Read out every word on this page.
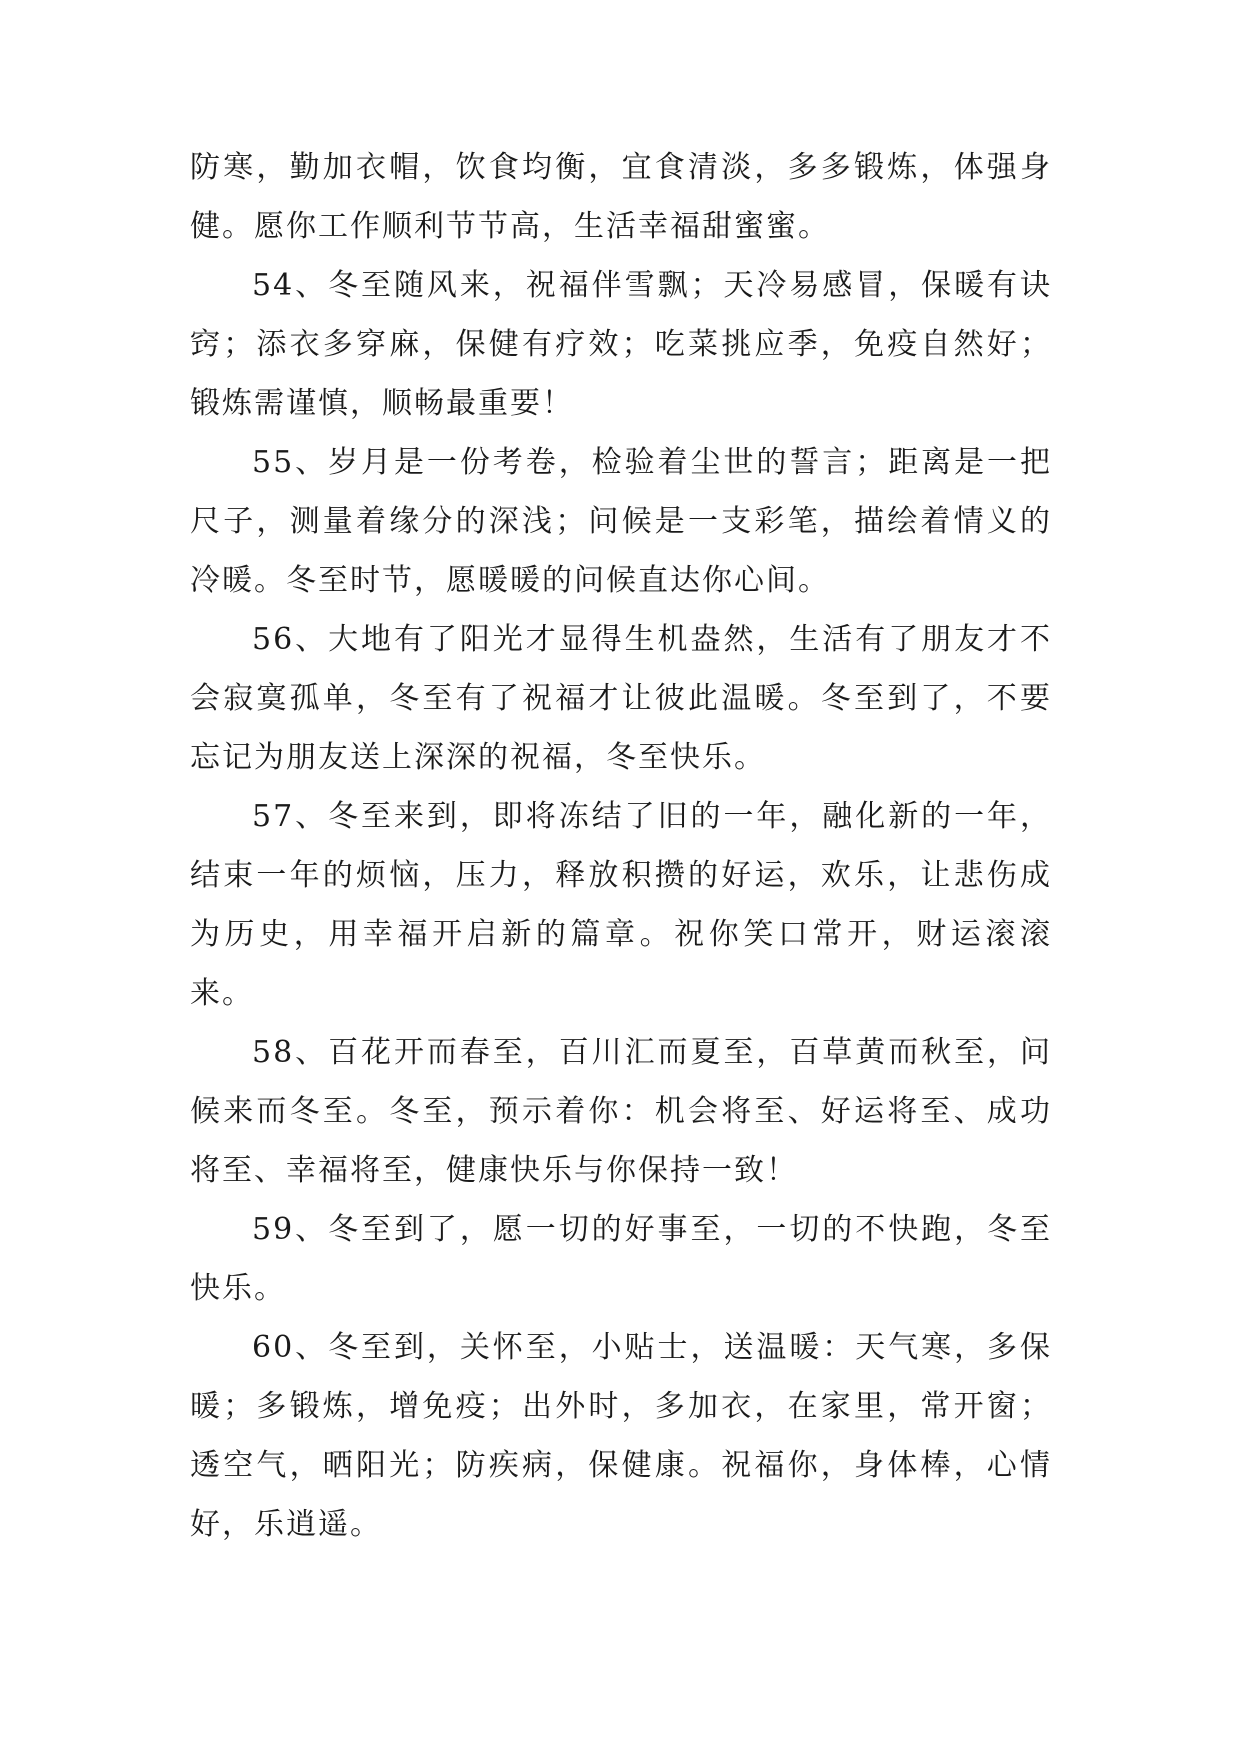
防寒，勤加衣帽，饮食均衡，宜食清淡，多多锻炼，体强身健。愿你工作顺利节节高，生活幸福甜蜜蜜。

54、冬至随风来，祝福伴雪飘；天冷易感冒，保暖有诀窍；添衣多穿麻，保健有疗效；吃菜挑应季，免疫自然好；锻炼需谨慎，顺畅最重要！

55、岁月是一份考卷，检验着尘世的誓言；距离是一把尺子，测量着缘分的深浅；问候是一支彩笔，描绘着情义的冷暖。冬至时节，愿暖暖的问候直达你心间。

56、大地有了阳光才显得生机盎然，生活有了朋友才不会寂寞孤单，冬至有了祝福才让彼此温暖。冬至到了，不要忘记为朋友送上深深的祝福，冬至快乐。

57、冬至来到，即将冻结了旧的一年，融化新的一年，结束一年的烦恼，压力，释放积攒的好运，欢乐，让悲伤成为历史，用幸福开启新的篇章。祝你笑口常开，财运滚滚来。

58、百花开而春至，百川汇而夏至，百草黄而秋至，问候来而冬至。冬至，预示着你：机会将至、好运将至、成功将至、幸福将至，健康快乐与你保持一致！

59、冬至到了，愿一切的好事至，一切的不快跑，冬至快乐。

60、冬至到，关怀至，小贴士，送温暖：天气寒，多保暖；多锻炼，增免疫；出外时，多加衣，在家里，常开窗；透空气，晒阳光；防疾病，保健康。祝福你，身体棒，心情好，乐逍遥。
